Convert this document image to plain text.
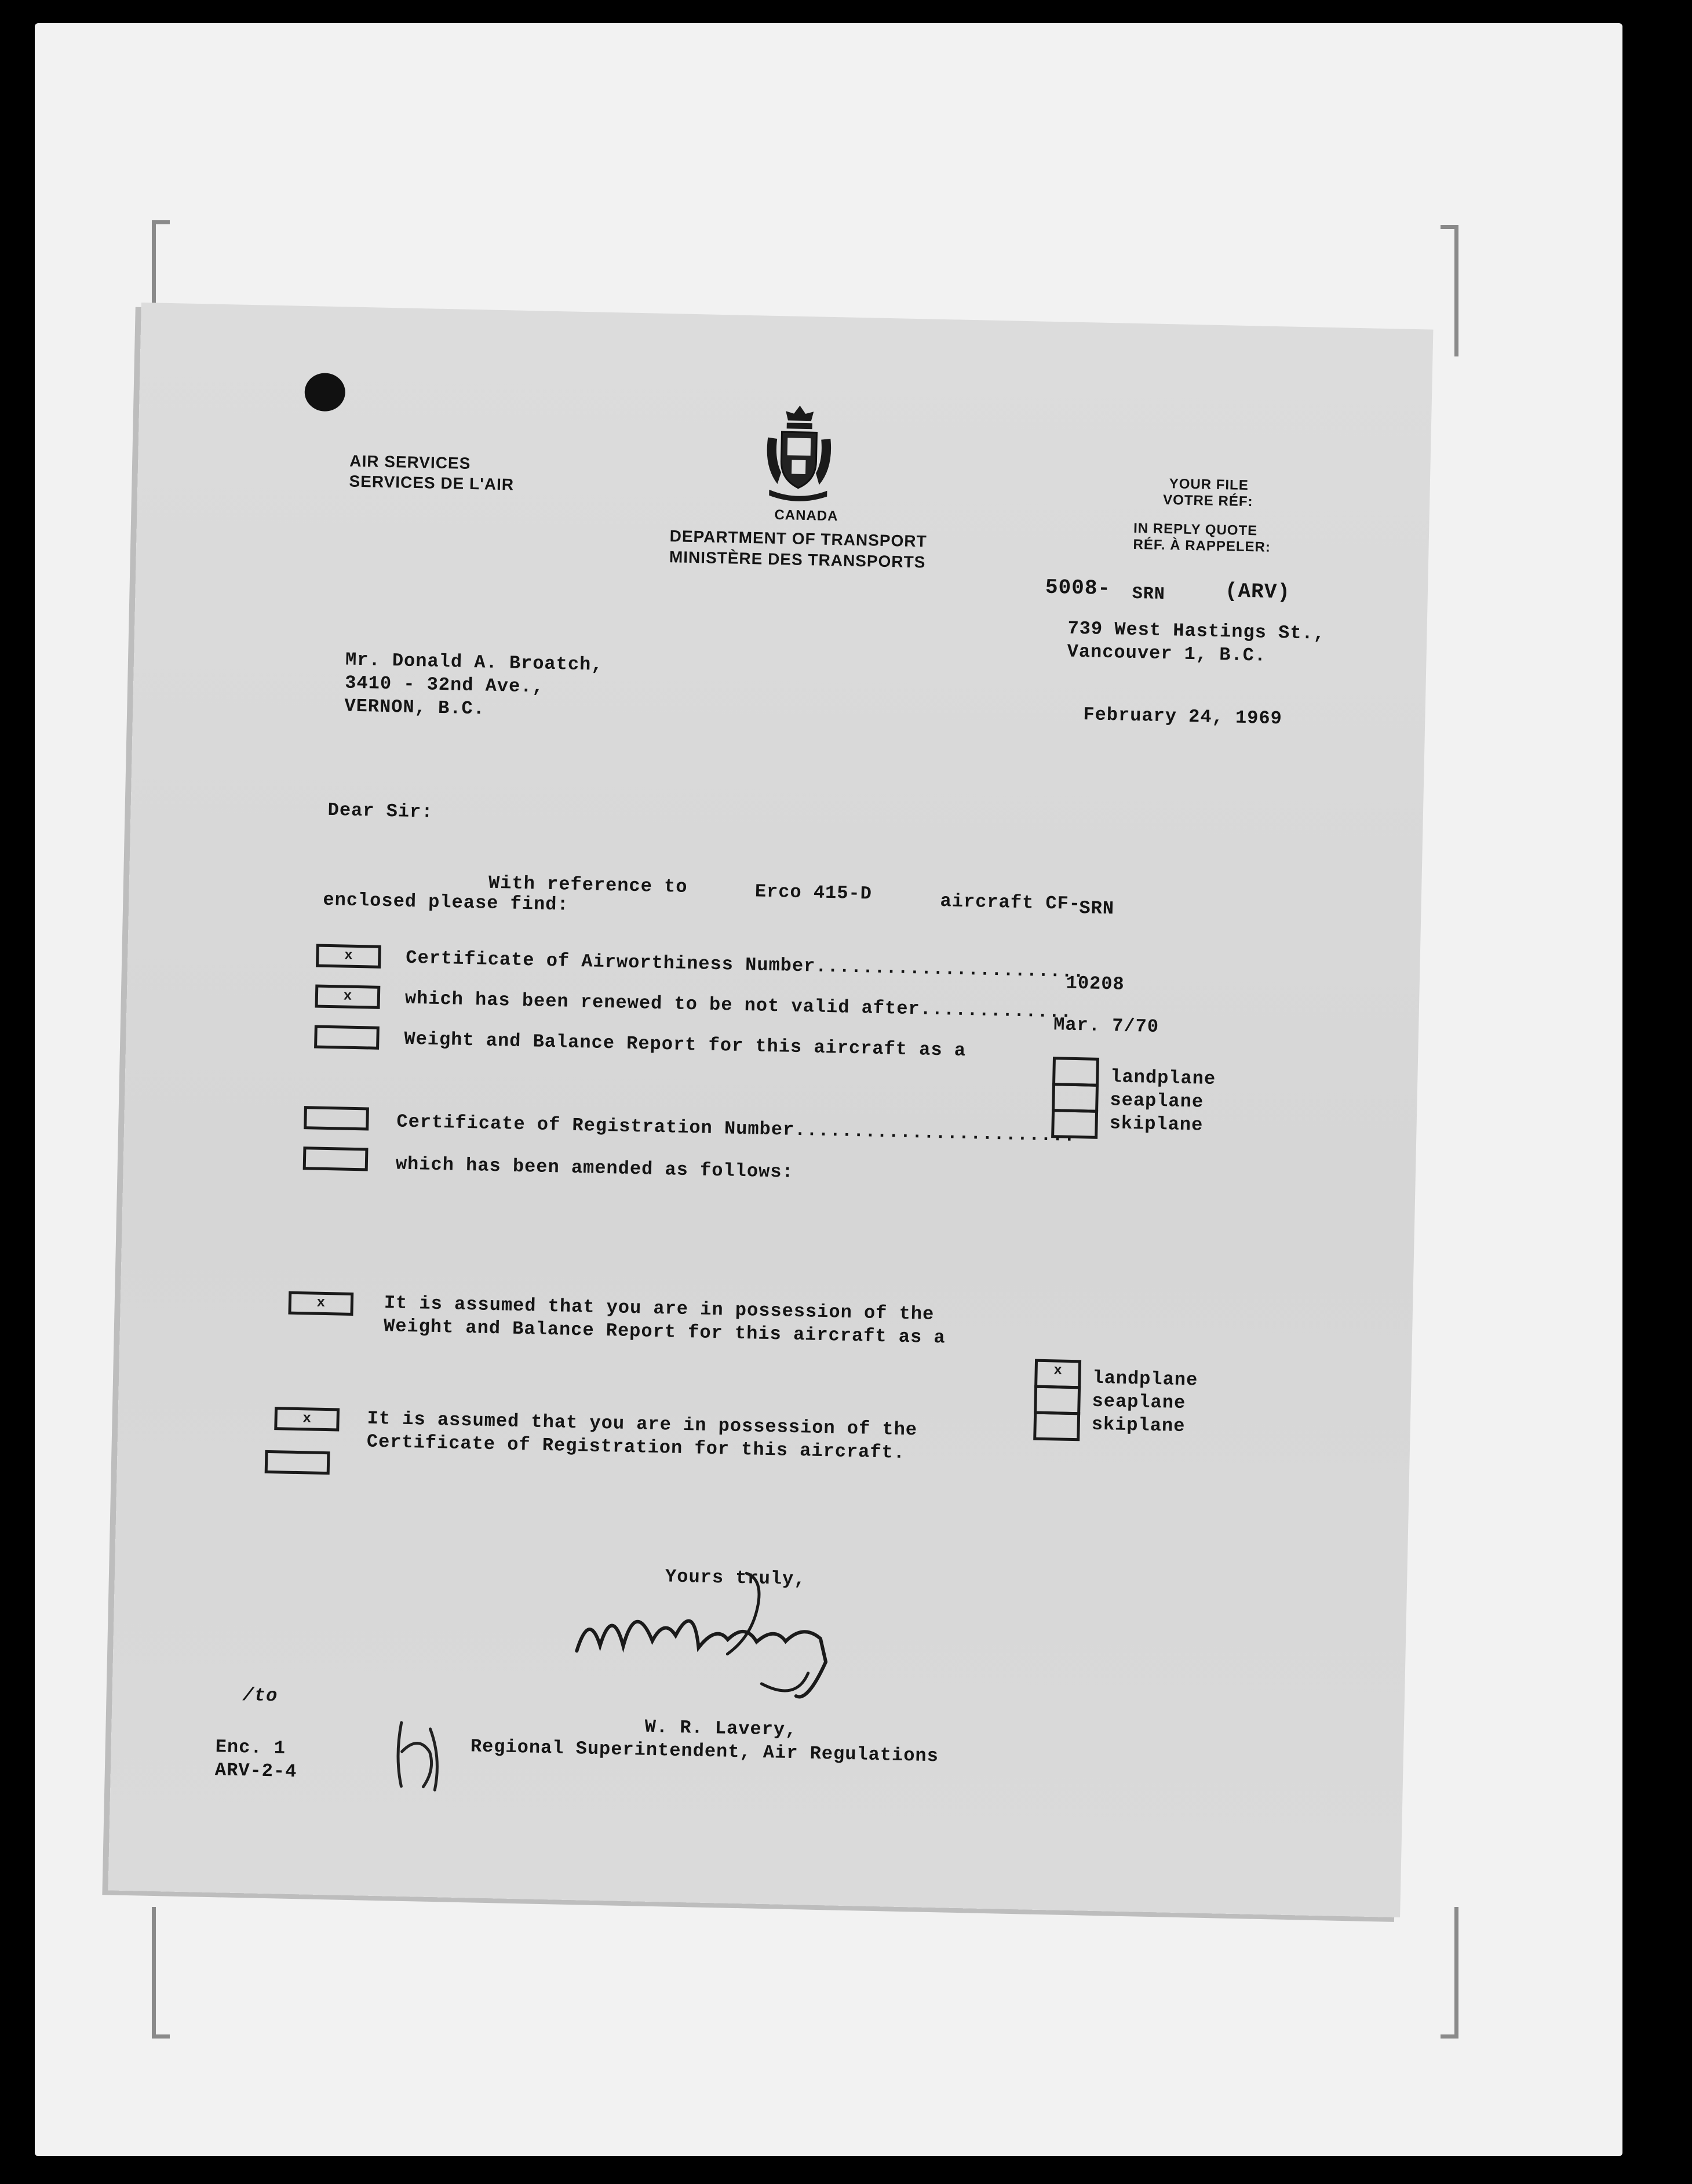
AIR SERVICES
SERVICES DE L'AIR
CANADA
DEPARTMENT OF TRANSPORT
MINISTÈRE DES TRANSPORTS
YOUR FILE
VOTRE RÉF:
IN REPLY QUOTE
RÉF. À RAPPELER:
5008- SRN	(ARV)
739 West Hastings St.,
Vancouver 1, B.C.
February 24, 1969
Mr. Donald A. Broatch,
3410 - 32nd Ave.,
VERNON, B.C.
Dear Sir:
With reference to	Erco 415-D	aircraft CF-
SRN
enclosed please find:
x	Certificate of Airworthiness Number.......................
10208
x	which has been renewed to be not valid after.............
Mar. 7/70
Weight and Balance Report for this aircraft as a
landplane
seaplane
skiplane
Certificate of Registration Number........................
which has been amended as follows:
x	It is assumed that you are in possession of the
Weight and Balance Report for this aircraft as a
x	landplane
seaplane
skiplane
x	It is assumed that you are in possession of the
Certificate of Registration for this aircraft.
Yours truly,
W. R. Lavery,
Regional Superintendent, Air Regulations
/to
Enc. 1
ARV-2-4
